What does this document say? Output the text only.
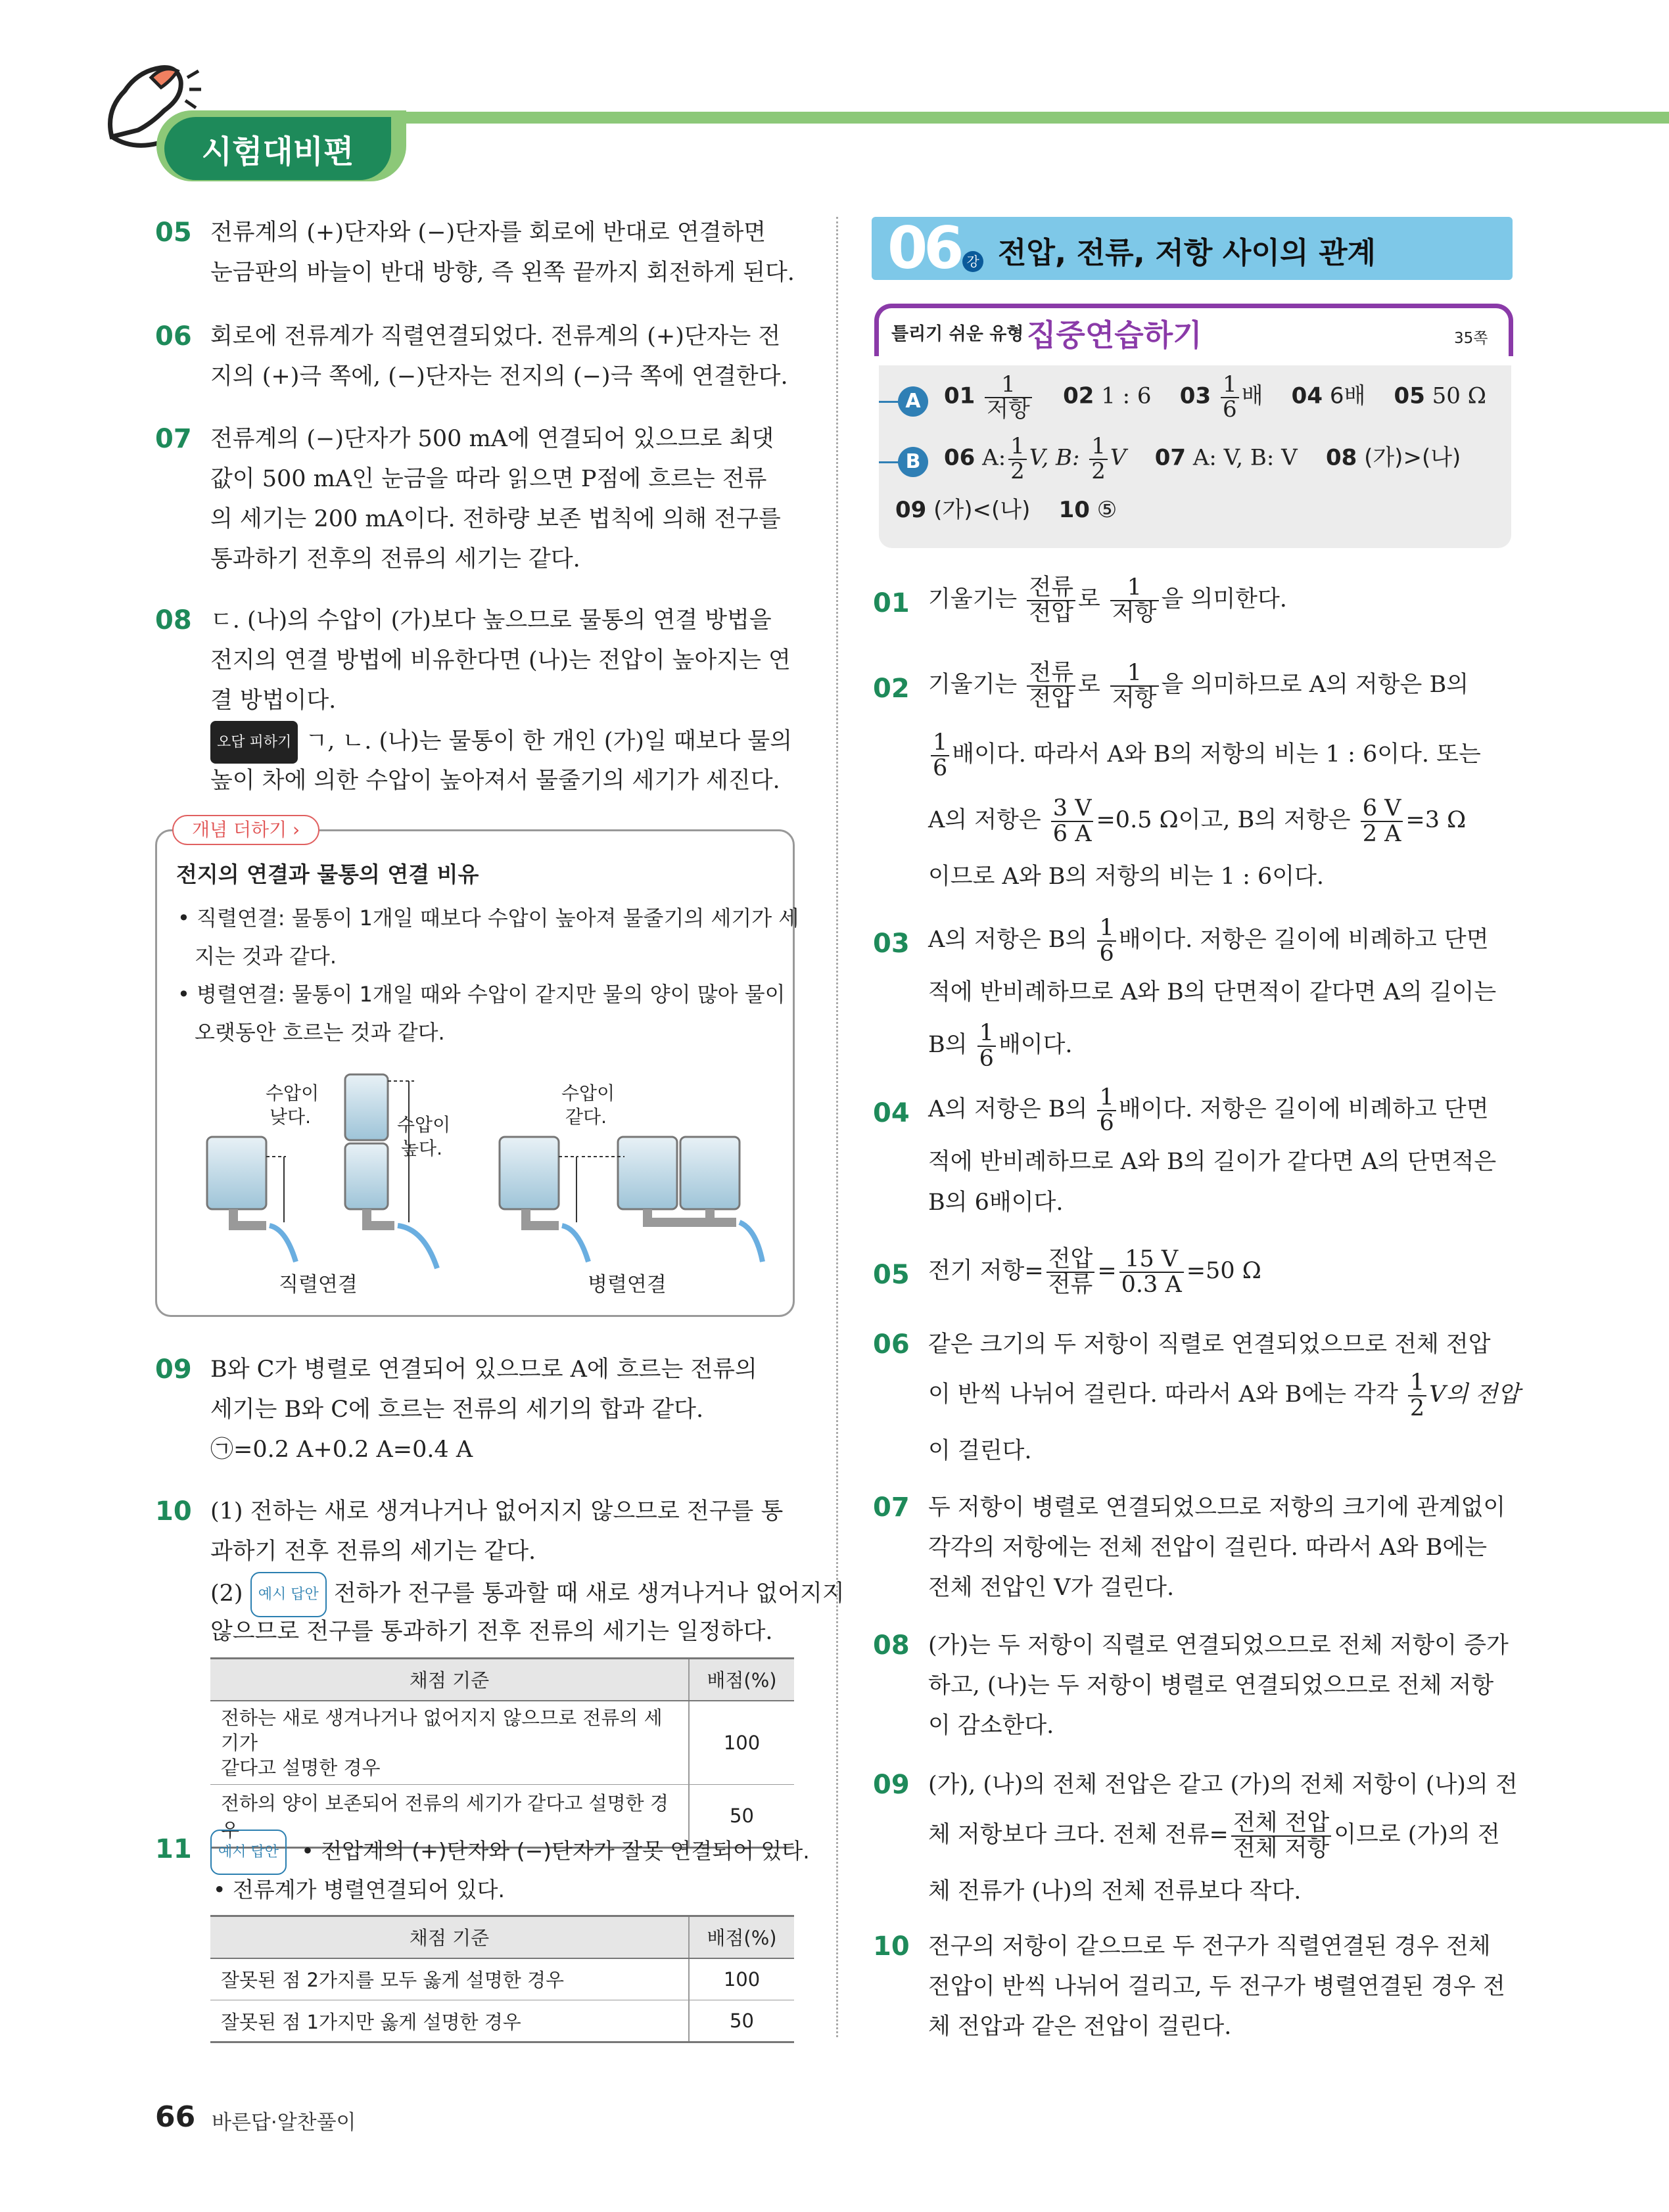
시험대비편
05 전류계의 (+)단자와 (−)단자를 회로에 반대로 연결하면
눈금판의 바늘이 반대 방향, 즉 왼쪽 끝까지 회전하게 된다.
06 회로에 전류계가 직렬연결되었다. 전류계의 (+)단자는 전
지의 (+)극 쪽에, (−)단자는 전지의 (−)극 쪽에 연결한다.
07 전류계의 (−)단자가 500 mA에 연결되어 있으므로 최댓
값이 500 mA인 눈금을 따라 읽으면 P점에 흐르는 전류
의 세기는 200 mA이다. 전하량 보존 법칙에 의해 전구를
통과하기 전후의 전류의 세기는 같다.
08 ㄷ. (나)의 수압이 (가)보다 높으므로 물통의 연결 방법을
전지의 연결 방법에 비유한다면 (나)는 전압이 높아지는 연
결 방법이다.
오답 피하기 ㄱ, ㄴ. (나)는 물통이 한 개인 (가)일 때보다 물의
높이 차에 의한 수압이 높아져서 물줄기의 세기가 세진다.
개념 더하기 ›
전지의 연결과 물통의 연결 비유
• 직렬연결: 물통이 1개일 때보다 수압이 높아져 물줄기의 세기가 세
지는 것과 같다.
• 병렬연결: 물통이 1개일 때와 수압이 같지만 물의 양이 많아 물이
오랫동안 흐르는 것과 같다.
수압이
낮다.	수압이
높다.
수압이
같다.
직렬연결	병렬연결
09 B와 C가 병렬로 연결되어 있으므로 A에 흐르는 전류의
세기는 B와 C에 흐르는 전류의 세기의 합과 같다.
㉠=0.2 A+0.2 A=0.4 A
10 (1) 전하는 새로 생겨나거나 없어지지 않으므로 전구를 통
과하기 전후 전류의 세기는 같다.
(2) 예시 답안 전하가 전구를 통과할 때 새로 생겨나거나 없어지지
않으므로 전구를 통과하기 전후 전류의 세기는 일정하다.
채점 기준	배점(%)
전하는 새로 생겨나거나 없어지지 않으므로 전류의 세기가
같다고 설명한 경우	100
전하의 양이 보존되어 전류의 세기가 같다고 설명한 경우	50
11	예시 답안 • 전압계의 (+)단자와 (−)단자가 잘못 연결되어 있다.
• 전류계가 병렬연결되어 있다.
채점 기준	배점(%)
잘못된 점 2가지를 모두 옳게 설명한 경우	100
잘못된 점 1가지만 옳게 설명한 경우	50
06 강 전압, 전류, 저항 사이의 관계
틀리기 쉬운 유형 집중연습하기	35쪽
A	$01 \frac{1}{\text{저항}} 02$ 1 : 6 $03 \frac{1}{6}$ 배 04 6배 05 50 Ω
B	06 A: $\frac{1}{2} V$, B: $\frac{1}{2}$ V 07 A: V, B: V 08 (가)>(나)
09 (가)<(나) 10 ⑤
01 기울기는 $\frac{\text{전류}}{\text{전압}}$ 로 $\frac{1}{\text{저항}}$ 을 의미한다.
02 기울기는 $\frac{\text{전류}}{\text{전압}}$ 로 $\frac{1}{\text{저항}}$ 을 의미하므로 A의 저항은 B의
$\frac{1}{6}$ 배이다. 따라서 A와 B의 저항의 비는 1 : 6이다. 또는
A의 저항은 $\frac{3 V}{6 A} =0.5$ Ω이고, B의 저항은 $\frac{6 V}{2 A} =3$ Ω
이므로 A와 B의 저항의 비는 1 : 6이다.
03 A의 저항은 B의 $\frac{1}{6}$ 배이다. 저항은 길이에 비례하고 단면
적에 반비례하므로 A와 B의 단면적이 같다면 A의 길이는
B의 $\frac{1}{6}$ 배이다.
04 A의 저항은 B의 $\frac{1}{6}$ 배이다. 저항은 길이에 비례하고 단면
적에 반비례하므로 A와 B의 길이가 같다면 A의 단면적은
B의 6배이다.
05 전기 저항= $\frac{\text{전압}}{\text{전류}} = \frac{15 V}{0.3 A} =50$ Ω
06 같은 크기의 두 저항이 직렬로 연결되었으므로 전체 전압
이 반씩 나뉘어 걸린다. 따라서 A와 B에는 각각 $\frac{1}{2}$ V의 전압
이 걸린다.
07 두 저항이 병렬로 연결되었으므로 저항의 크기에 관계없이
각각의 저항에는 전체 전압이 걸린다. 따라서 A와 B에는
전체 전압인 V가 걸린다.
08 (가)는 두 저항이 직렬로 연결되었으므로 전체 저항이 증가
하고, (나)는 두 저항이 병렬로 연결되었으므로 전체 저항
이 감소한다.
09 (가), (나)의 전체 전압은 같고 (가)의 전체 저항이 (나)의 전
체 저항보다 크다. 전체 전류= $\frac{\text{전체 전압}}{\text{전체 저항}}$ 이므로 (가)의 전
체 전류가 (나)의 전체 전류보다 작다.
10 전구의 저항이 같으므로 두 전구가 직렬연결된 경우 전체
전압이 반씩 나뉘어 걸리고, 두 전구가 병렬연결된 경우 전
체 전압과 같은 전압이 걸린다.
66 바른답·알찬풀이
